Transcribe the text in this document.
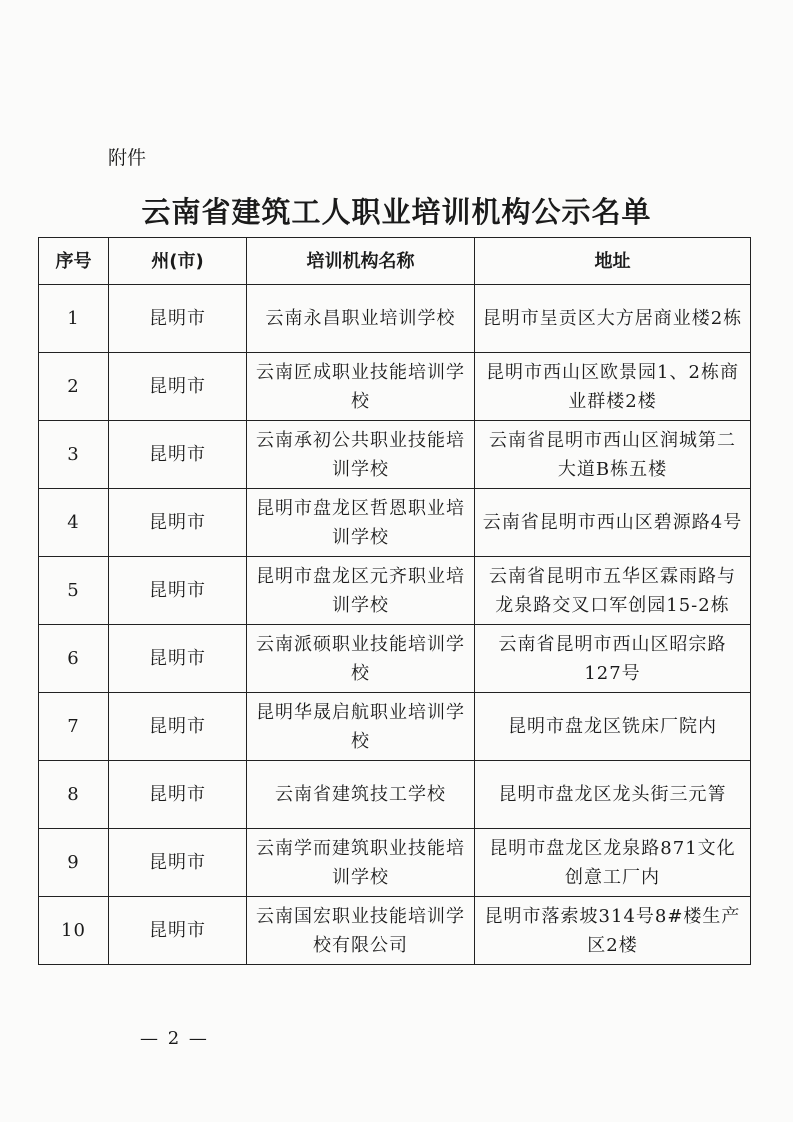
附件
云南省建筑工人职业培训机构公示名单
序号	州(市)	培训机构名称	地址
1	昆明市	云南永昌职业培训学校	昆明市呈贡区大方居商业楼2栋
2	昆明市	云南匠成职业技能培训学校	昆明市西山区欧景园1、2栋商业群楼2楼
3	昆明市	云南承初公共职业技能培训学校	云南省昆明市西山区润城第二大道B栋五楼
4	昆明市	昆明市盘龙区哲恩职业培训学校	云南省昆明市西山区碧源路4号
5	昆明市	昆明市盘龙区元齐职业培训学校	云南省昆明市五华区霖雨路与龙泉路交叉口军创园15-2栋
6	昆明市	云南派硕职业技能培训学校	云南省昆明市西山区昭宗路127号
7	昆明市	昆明华晟启航职业培训学校	昆明市盘龙区铣床厂院内
8	昆明市	云南省建筑技工学校	昆明市盘龙区龙头街三元箐
9	昆明市	云南学而建筑职业技能培训学校	昆明市盘龙区龙泉路871文化创意工厂内
10	昆明市	云南国宏职业技能培训学校有限公司	昆明市落索坡314号8#楼生产区2楼
— 2 —
